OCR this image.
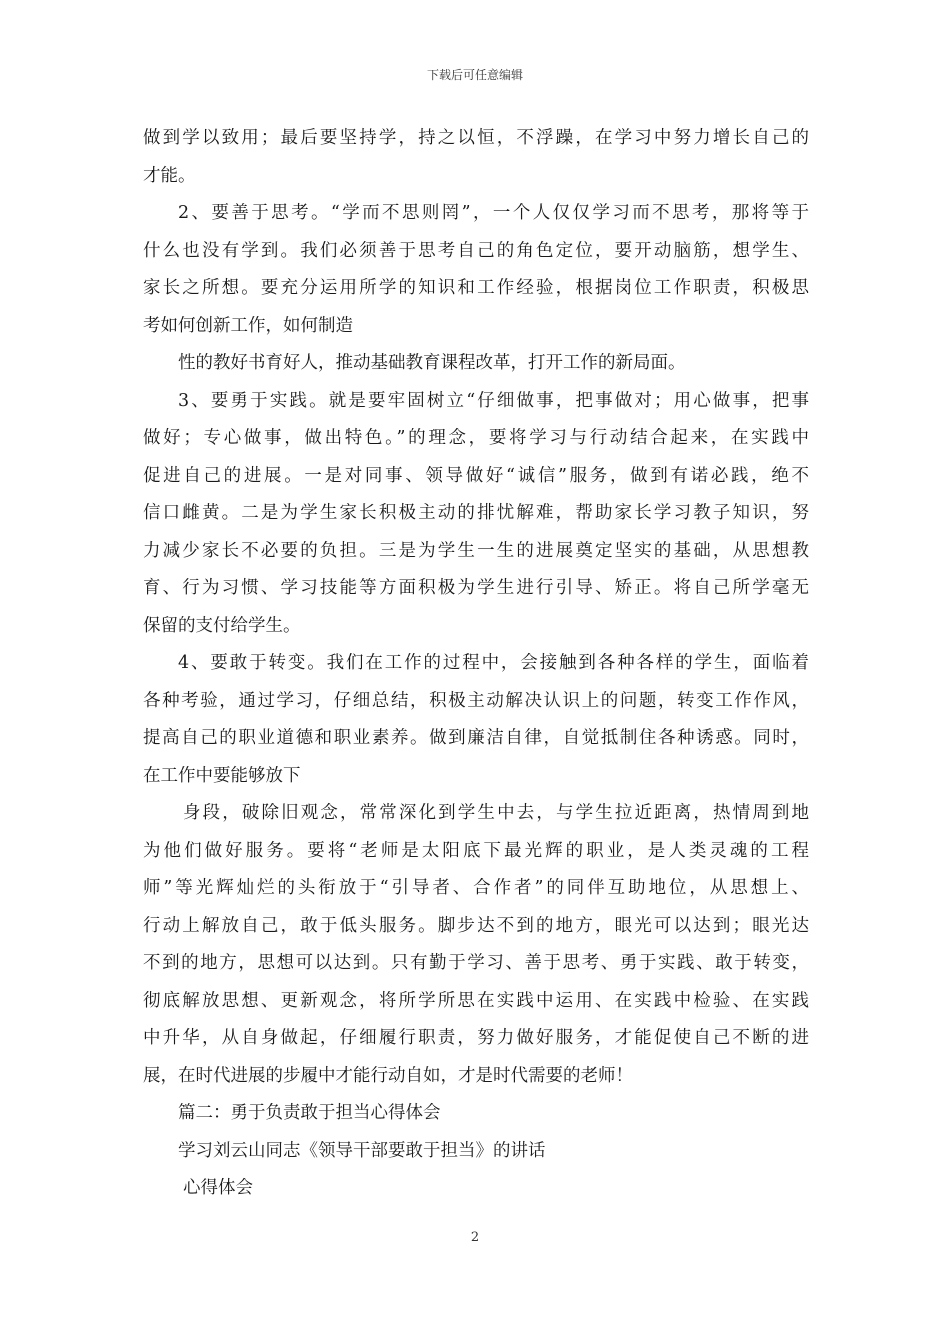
下载后可任意编辑
做到学以致用；最后要坚持学，持之以恒，不浮躁，在学习中努力增长自己的
才能。
2、要善于思考。“学而不思则罔”，一个人仅仅学习而不思考，那将等于
什么也没有学到。我们必须善于思考自己的角色定位，要开动脑筋，想学生、
家长之所想。要充分运用所学的知识和工作经验，根据岗位工作职责，积极思
考如何创新工作，如何制造
性的教好书育好人，推动基础教育课程改革，打开工作的新局面。
3、要勇于实践。就是要牢固树立“仔细做事，把事做对；用心做事，把事
做好；专心做事，做出特色。”的理念，要将学习与行动结合起来，在实践中
促进自己的进展。一是对同事、领导做好“诚信”服务，做到有诺必践，绝不
信口雌黄。二是为学生家长积极主动的排忧解难，帮助家长学习教子知识，努
力减少家长不必要的负担。三是为学生一生的进展奠定坚实的基础，从思想教
育、行为习惯、学习技能等方面积极为学生进行引导、矫正。将自己所学毫无
保留的支付给学生。
4、要敢于转变。我们在工作的过程中，会接触到各种各样的学生，面临着
各种考验，通过学习，仔细总结，积极主动解决认识上的问题，转变工作作风，
提高自己的职业道德和职业素养。做到廉洁自律，自觉抵制住各种诱惑。同时，
在工作中要能够放下
身段，破除旧观念，常常深化到学生中去，与学生拉近距离，热情周到地
为他们做好服务。要将“老师是太阳底下最光辉的职业，是人类灵魂的工程
师”等光辉灿烂的头衔放于“引导者、合作者”的同伴互助地位，从思想上、
行动上解放自己，敢于低头服务。脚步达不到的地方，眼光可以达到；眼光达
不到的地方，思想可以达到。只有勤于学习、善于思考、勇于实践、敢于转变，
彻底解放思想、更新观念，将所学所思在实践中运用、在实践中检验、在实践
中升华，从自身做起，仔细履行职责，努力做好服务，才能促使自己不断的进
展，在时代进展的步履中才能行动自如，才是时代需要的老师！
篇二：勇于负责敢于担当心得体会
学习刘云山同志《领导干部要敢于担当》的讲话
心得体会
2
